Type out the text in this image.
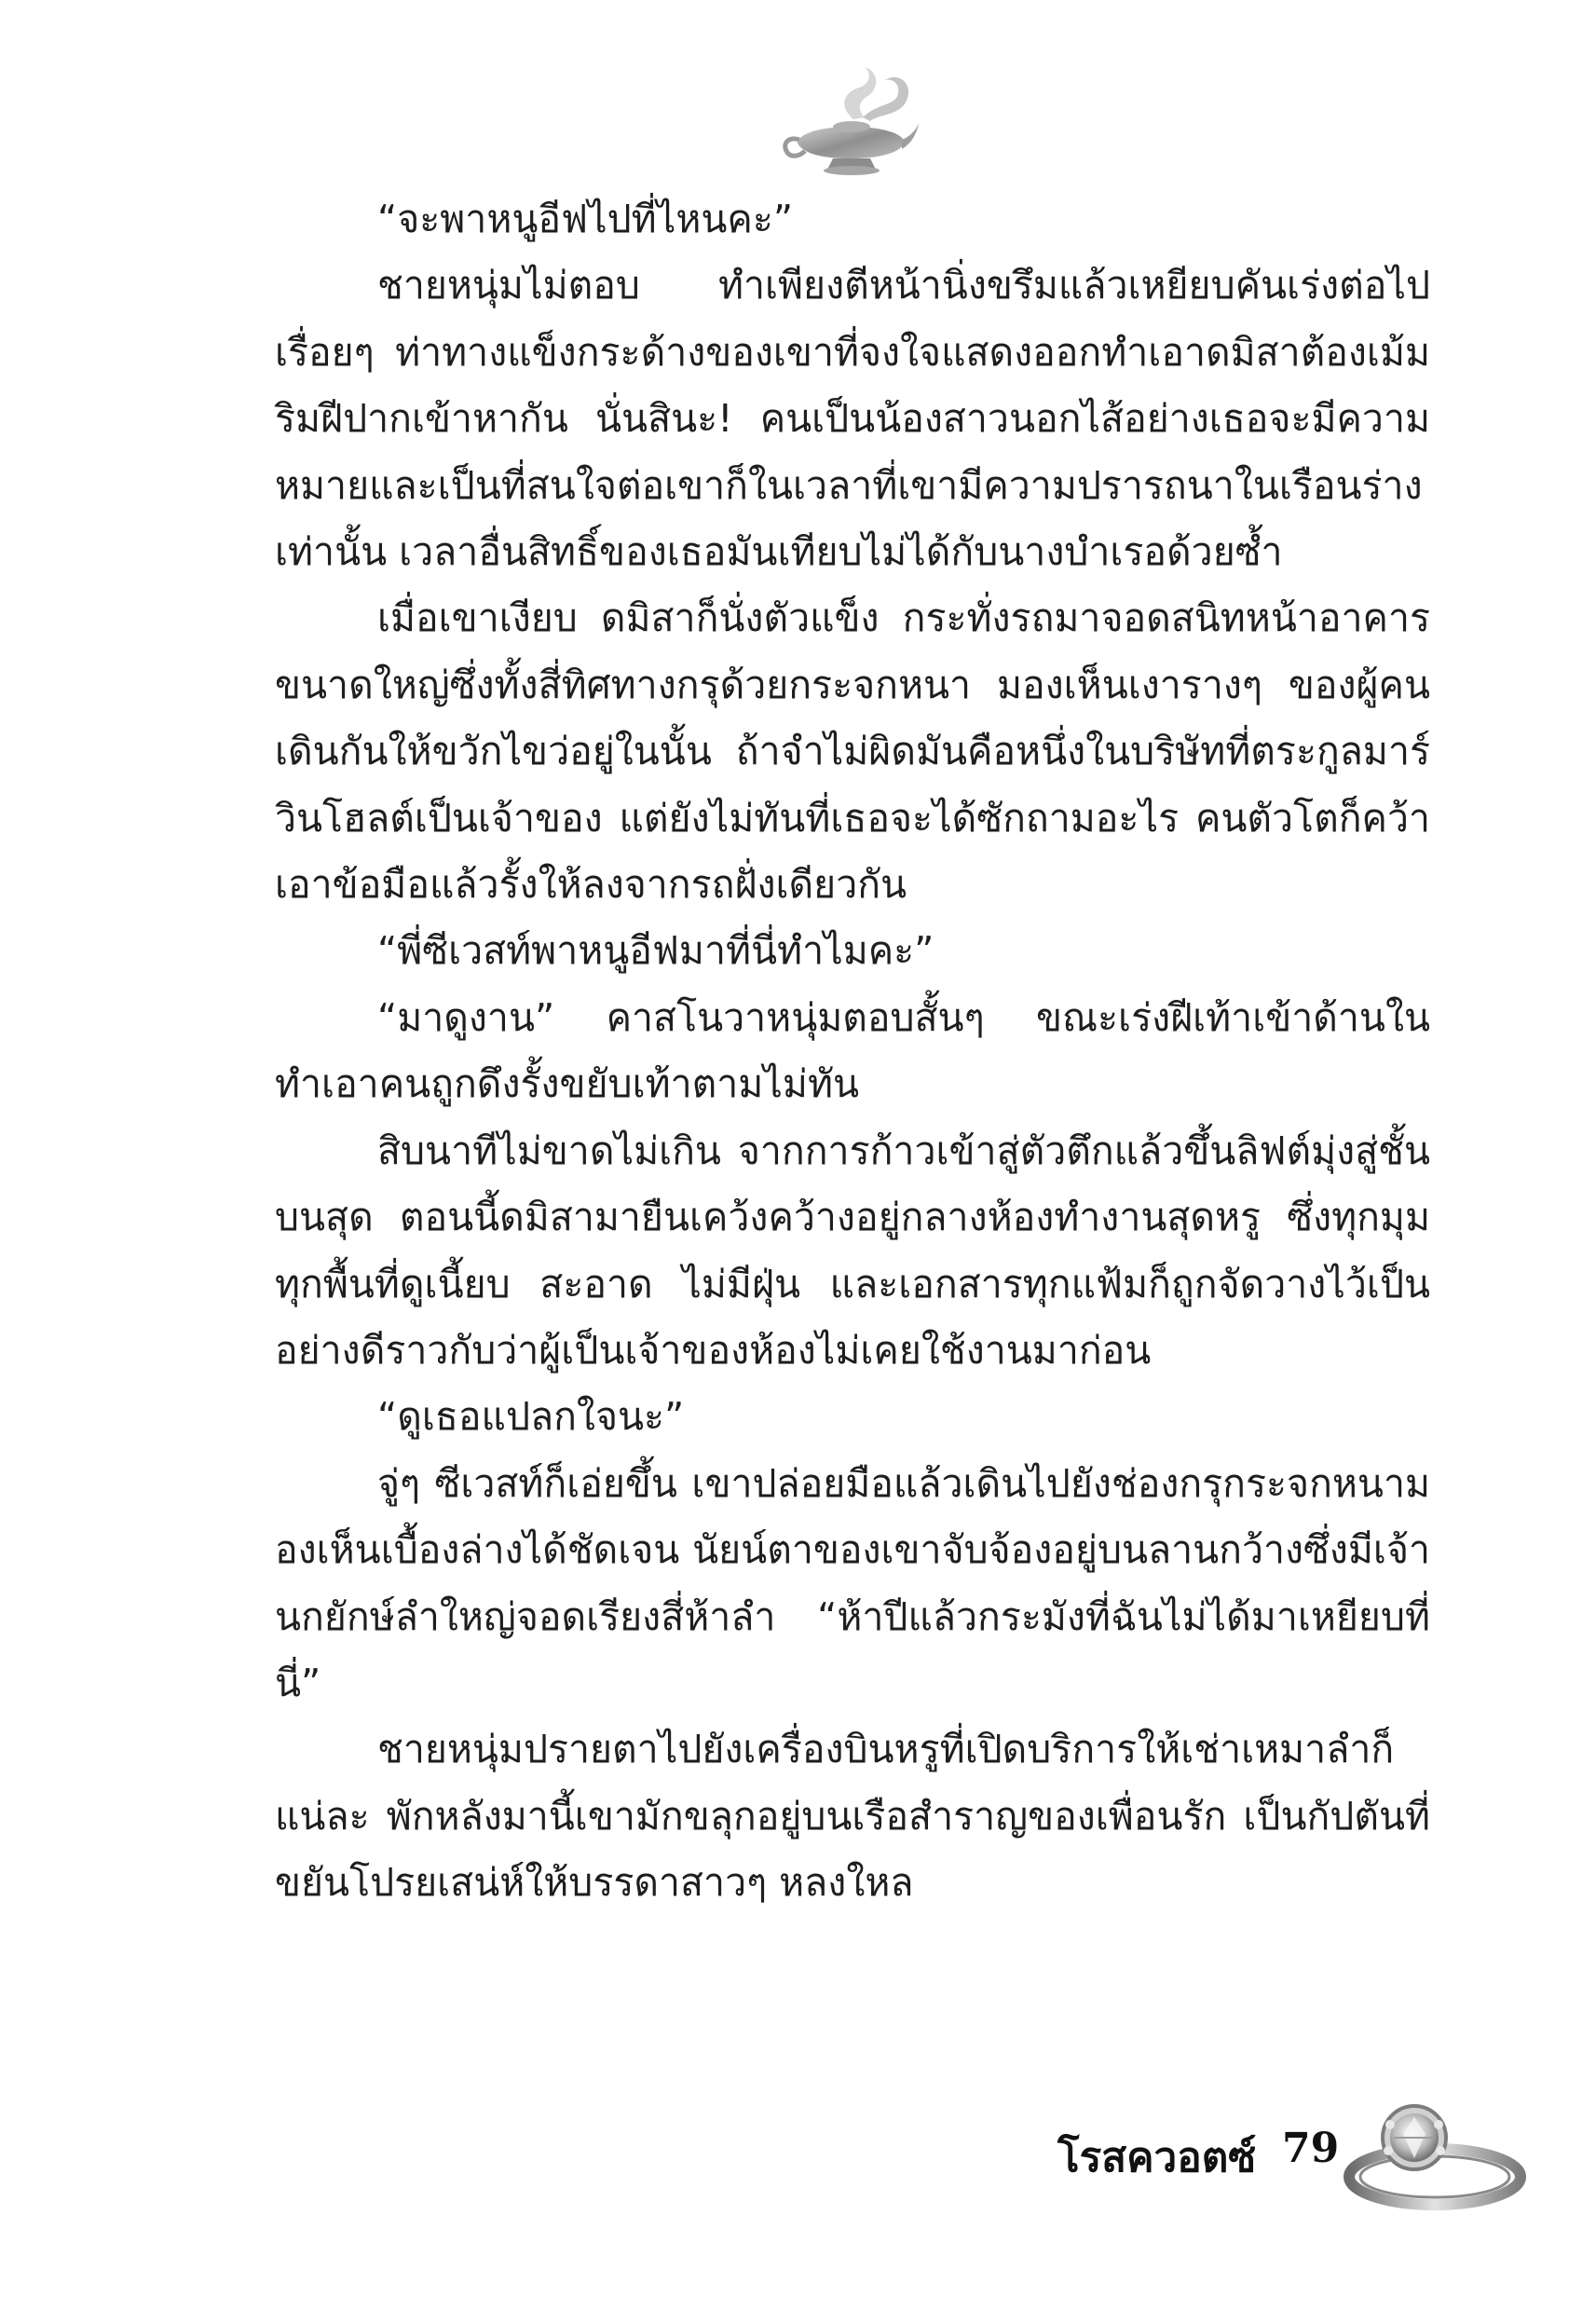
“จะพาหนูอีฟไปที่ไหนคะ”

ชายหนุ่มไม่ตอบ ทำเพียงตีหน้านิ่งขรึมแล้วเหยียบคันเร่งต่อไปเรื่อยๆ ท่าทางแข็งกระด้างของเขาที่จงใจแสดงออกทำเอาดมิสาต้องเม้มริมฝีปากเข้าหากัน นั่นสินะ! คนเป็นน้องสาวนอกไส้อย่างเธอจะมีความหมายและเป็นที่สนใจต่อเขาก็ในเวลาที่เขามีความปรารถนาในเรือนร่างเท่านั้น เวลาอื่นสิทธิ์ของเธอมันเทียบไม่ได้กับนางบำเรอด้วยซ้ำ

เมื่อเขาเงียบ ดมิสาก็นั่งตัวแข็ง กระทั่งรถมาจอดสนิทหน้าอาคารขนาดใหญ่ซึ่งทั้งสี่ทิศทางกรุด้วยกระจกหนา มองเห็นเงารางๆ ของผู้คนเดินกันให้ขวักไขว่อยู่ในนั้น ถ้าจำไม่ผิดมันคือหนึ่งในบริษัทที่ตระกูลมาร์วินโฮลต์เป็นเจ้าของ แต่ยังไม่ทันที่เธอจะได้ซักถามอะไร คนตัวโตก็คว้าเอาข้อมือแล้วรั้งให้ลงจากรถฝั่งเดียวกัน

“พี่ซีเวสท์พาหนูอีฟมาที่นี่ทำไมคะ”

“มาดูงาน” คาสโนวาหนุ่มตอบสั้นๆ ขณะเร่งฝีเท้าเข้าด้านใน ทำเอาคนถูกดึงรั้งขยับเท้าตามไม่ทัน

สิบนาทีไม่ขาดไม่เกิน จากการก้าวเข้าสู่ตัวตึกแล้วขึ้นลิฟต์มุ่งสู่ชั้นบนสุด ตอนนี้ดมิสามายืนเคว้งคว้างอยู่กลางห้องทำงานสุดหรู ซึ่งทุกมุมทุกพื้นที่ดูเนี้ยบ สะอาด ไม่มีฝุ่น และเอกสารทุกแฟ้มก็ถูกจัดวางไว้เป็นอย่างดีราวกับว่าผู้เป็นเจ้าของห้องไม่เคยใช้งานมาก่อน

“ดูเธอแปลกใจนะ”

จู่ๆ ซีเวสท์ก็เอ่ยขึ้น เขาปล่อยมือแล้วเดินไปยังช่องกรุกระจกหนามองเห็นเบื้องล่างได้ชัดเจน นัยน์ตาของเขาจับจ้องอยู่บนลานกว้างซึ่งมีเจ้านกยักษ์ลำใหญ่จอดเรียงสี่ห้าลำ “ห้าปีแล้วกระมังที่ฉันไม่ได้มาเหยียบที่นี่”

ชายหนุ่มปรายตาไปยังเครื่องบินหรูที่เปิดบริการให้เช่าเหมาลำก็แน่ละ พักหลังมานี้เขามักขลุกอยู่บนเรือสำราญของเพื่อนรัก เป็นกัปตันที่ขยันโปรยเสน่ห์ให้บรรดาสาวๆ หลงใหล

โรสควอตซ์ 79
